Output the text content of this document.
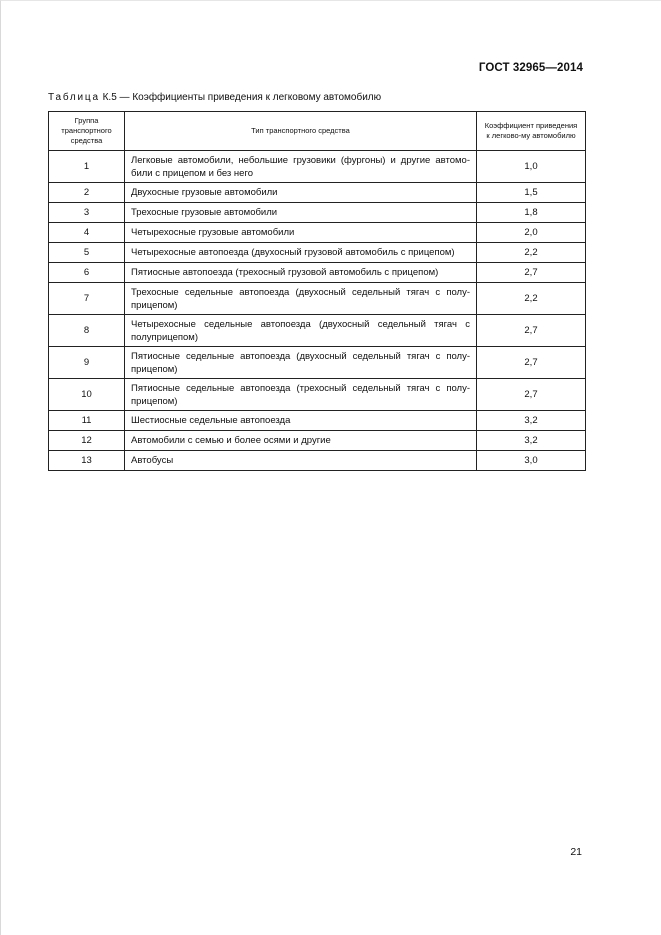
ГОСТ 32965—2014
Таблица К.5 — Коэффициенты приведения к легковому автомобилю
Группа транспортного средства	Тип транспортного средства	Коэффициент приведения к легково-му автомобилю
1	Легковые автомобили, небольшие грузовики (фургоны) и другие автомо-били с прицепом и без него	1,0
2	Двухосные грузовые автомобили	1,5
3	Трехосные грузовые автомобили	1,8
4	Четырехосные грузовые автомобили	2,0
5	Четырехосные автопоезда (двухосный грузовой автомобиль с прицепом)	2,2
6	Пятиосные автопоезда (трехосный грузовой автомобиль с прицепом)	2,7
7	Трехосные седельные автопоезда (двухосный седельный тягач с полу-прицепом)	2,2
8	Четырехосные седельные автопоезда (двухосный седельный тягач с полуприцепом)	2,7
9	Пятиосные седельные автопоезда (двухосный седельный тягач с полу-прицепом)	2,7
10	Пятиосные седельные автопоезда (трехосный седельный тягач с полу-прицепом)	2,7
11	Шестиосные седельные автопоезда	3,2
12	Автомобили с семью и более осями и другие	3,2
13	Автобусы	3,0
21
